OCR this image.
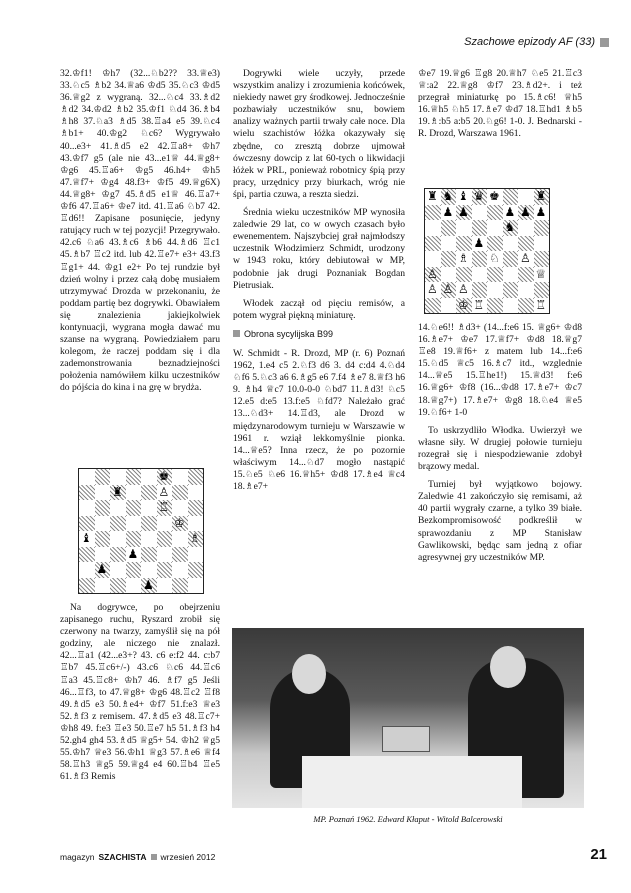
Szachowe epizody AF (33)

32.♔f1! ♔h7 (32...♘b2?? 33.♕e3) 33.♘c5 ♗b2 34.♕a6 ♔d5 35.♘c3 ♔d5 36.♕g2 z wygraną. 32...♘c4 33.♗d2 ♗d2 34.♔d2 ♗b2 35.♔f1 ♘d4 36.♗b4 ♗h8 37.♘a3 ♗d5 38.♖a4 e5 39.♘c4 ♗b1+ 40.♔g2 ♘c6? Wygrywało 40...e3+ 41.♗d5 e2 42.♖a8+ ♔h7 43.♔f7 g5 (ale nie 43...e1♕ 44.♕g8+ ♔g6 45.♖a6+ ♔g5 46.h4+ ♔h5 47.♕f7+ ♔g4 48.f3+ ♔f5 49.♕g6X) 44.♕g8+ ♔g7 45.♗d5 e1♕ 46.♖a7+ ♔f6 47.♖a6+ ♔e7 itd. 41.♖a6 ♘b7 42. ♖d6!! Zapisane posunięcie, jedyny ratujący ruch w tej pozycji! Przegrywało. 42.c6 ♘a6 43.♗c6 ♗b6 44.♗d6 ♖c1 45.♗b7 ♖c2 itd. lub 42.♖e7+ e3+ 43.f3 ♖g1+ 44. ♔g1 e2+ Po tej rundzie był dzień wolny i przez całą dobę musiałem utrzymywać Drozda w przekonaniu, że poddam partię bez dogrywki. Obawiałem się znalezienia jakiejkolwiek kontynuacji, wygrana mogła dawać mu szanse na wygraną. Powiedziałem paru kolegom, że raczej poddam się i dla zademonstrowania beznadziejności położenia namówiłem kilku uczestników do pójścia do kina i na grę w brydża.

♚
♜	♙
♖
♔
♝	♗
♟
♟
♟

Na dogrywce, po obejrzeniu zapisanego ruchu, Ryszard zrobił się czerwony na twarzy, zamyślił się na pół godziny, ale niczego nie znalazł. 42...♖a1 (42...e3+? 43. c6 e:f2 44. c:b7 ♖b7 45.♖c6+/-) 43.c6 ♘c6 44.♖c6 ♖a3 45.♖c8+ ♔h7 46. ♗f7 g5 Jeśli 46...♖f3, to 47.♕g8+ ♔g6 48.♖c2 ♖f8 49.♗d5 e3 50.♗e4+ ♔f7 51.f:e3 ♕e3 52.♗f3 z remisem. 47.♗d5 e3 48.♖c7+ ♔h8 49. f:e3 ♖e3 50.♖e7 h5 51.♗f3 h4 52.gh4 gh4 53.♗d5 ♕g5+ 54. ♔h2 ♕g5 55.♔h7 ♕e3 56.♔h1 ♕g3 57.♗e6 ♕f4 58.♖h3 ♕g5 59.♕g4 e4 60.♖b4 ♖e5 61.♗f3 Remis

Dogrywki wiele uczyły, przede wszystkim analizy i zrozumienia końcówek, niekiedy nawet gry środkowej. Jednocześnie pozbawiały uczestników snu, bowiem analizy ważnych partii trwały całe noce. Dla wielu szachistów łóżka okazywały się zbędne, co zresztą dobrze ujmował ówczesny dowcip z lat 60-tych o likwidacji łóżek w PRL, ponieważ robotnicy śpią przy pracy, urzędnicy przy biurkach, wróg nie śpi, partia czuwa, a reszta siedzi.

Średnia wieku uczestników MP wynosiła zaledwie 29 lat, co w owych czasach było ewenementem. Najszybciej grał najmłodszy uczestnik Włodzimierz Schmidt, urodzony w 1943 roku, który debiutował w MP, podobnie jak drugi Poznaniak Bogdan Pietrusiak.

Włodek zaczął od pięciu remisów, a potem wygrał piękną miniaturę.

Obrona sycylijska B99

W. Schmidt - R. Drozd, MP (r. 6) Poznań 1962, 1.e4 c5 2.♘f3 d6 3. d4 c:d4 4.♘d4 ♘f6 5.♘c3 a6 6.♗g5 e6 7.f4 ♗e7 8.♕f3 h6 9. ♗h4 ♕c7 10.0-0-0 ♘bd7 11.♗d3! ♘c5 12.e5 d:e5 13.f:e5 ♘fd7? Należało grać 13...♘d3+ 14.♖d3, ale Drozd w międzynarodowym turnieju w Warszawie w 1961 r. wziął lekkomyślnie pionka. 14...♕e5? Inna rzecz, że po pozornie właściwym 14...♘d7 mogło nastąpić 15.♘e5 ♘e6 16.♕h5+ ♔d8 17.♗e4 ♕c4 18.♗e7+

♔e7 19.♕g6 ♖g8 20.♕h7 ♘e5 21.♖c3 ♕:a2 22.♕g8 ♔f7 23.♗d2+. i też przegrał miniaturkę po 15.♗c6! ♕h5 16.♕h5 ♘h5 17.♗e7 ♔d7 18.♖hd1 ♗b5 19.♗:b5 a:b5 20.♘g6! 1-0. J. Bednarski - R. Drozd, Warszawa 1961.

♜ ♞ ♝ ♛ ♚	♜
♟ ♟	♟ ♟ ♟
♞
♟
♘ ♙
♗
♙
♙ ♙ ♙
♕
♔ ♖	♖

14.♘e6!! ♗d3+ (14...f:e6 15. ♕g6+ ♔d8 16.♗e7+ ♔e7 17.♕f7+ ♔d8 18.♕g7 ♖e8 19.♕f6+ z matem lub 14...f:e6 15.♘d5 ♕c5 16.♗c7 itd., wzglednie 14...♕e5 15.♖he1!) 15.♕d3! f:e6 16.♕g6+ ♔f8 (16...♔d8 17.♗e7+ ♔c7 18.♕g7+) 17.♗e7+ ♔g8 18.♘e4 ♕e5 19.♘f6+ 1-0

To uskrzydliło Włodka. Uwierzył we własne siły. W drugiej połowie turnieju rozegrał się i niespodziewanie zdobył brązowy medal.

Turniej był wyjątkowo bojowy. Zaledwie 41 zakończyło się remisami, aż 40 partii wygrały czarne, a tylko 39 białe. Bezkompromisowość podkreślił w sprawozdaniu z MP Stanisław Gawlikowski, będąc sam jedną z ofiar agresywnej gry uczestników MP.

MP. Poznań 1962. Edward Kłaput - Witold Balcerowski
magazyn SZACHISTA wrzesień 2012	21
